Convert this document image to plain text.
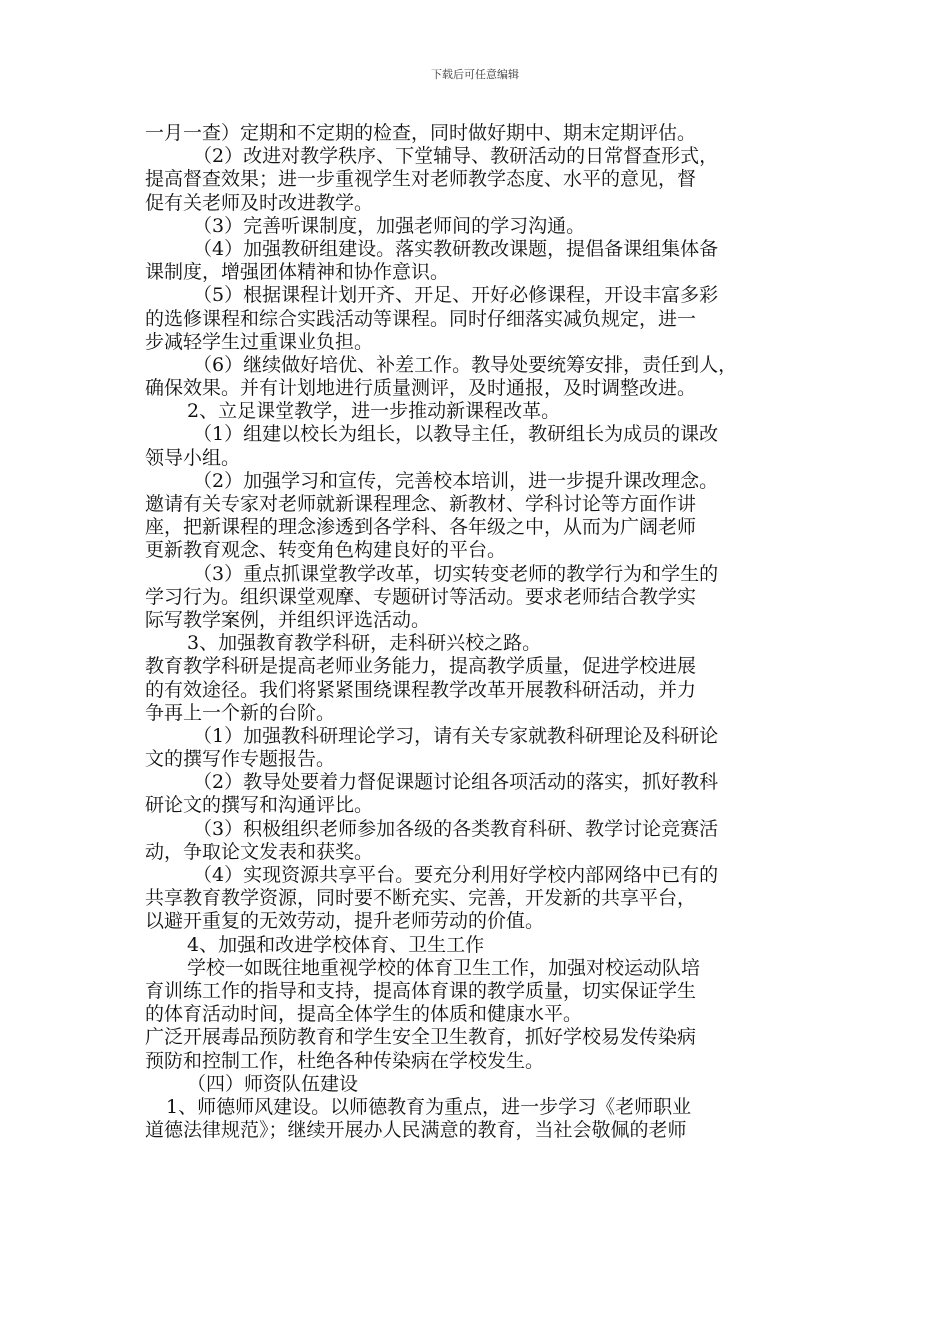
下载后可任意编辑
一月一查）定期和不定期的检查，同时做好期中、期末定期评估。
（2）改进对教学秩序、下堂辅导、教研活动的日常督查形式，
提高督查效果；进一步重视学生对老师教学态度、水平的意见，督
促有关老师及时改进教学。
（3）完善听课制度，加强老师间的学习沟通。
（4）加强教研组建设。落实教研教改课题，提倡备课组集体备
课制度，增强团体精神和协作意识。
（5）根据课程计划开齐、开足、开好必修课程，开设丰富多彩
的选修课程和综合实践活动等课程。同时仔细落实减负规定，进一
步减轻学生过重课业负担。
（6）继续做好培优、补差工作。教导处要统筹安排，责任到人，
确保效果。并有计划地进行质量测评，及时通报，及时调整改进。
2、立足课堂教学，进一步推动新课程改革。
（1）组建以校长为组长，以教导主任，教研组长为成员的课改
领导小组。
（2）加强学习和宣传，完善校本培训，进一步提升课改理念。
邀请有关专家对老师就新课程理念、新教材、学科讨论等方面作讲
座，把新课程的理念渗透到各学科、各年级之中，从而为广阔老师
更新教育观念、转变角色构建良好的平台。
（3）重点抓课堂教学改革，切实转变老师的教学行为和学生的
学习行为。组织课堂观摩、专题研讨等活动。要求老师结合教学实
际写教学案例，并组织评选活动。
3、加强教育教学科研，走科研兴校之路。
教育教学科研是提高老师业务能力，提高教学质量，促进学校进展
的有效途径。我们将紧紧围绕课程教学改革开展教科研活动，并力
争再上一个新的台阶。
（1）加强教科研理论学习，请有关专家就教科研理论及科研论
文的撰写作专题报告。
（2）教导处要着力督促课题讨论组各项活动的落实，抓好教科
研论文的撰写和沟通评比。
（3）积极组织老师参加各级的各类教育科研、教学讨论竞赛活
动，争取论文发表和获奖。
（4）实现资源共享平台。要充分利用好学校内部网络中已有的
共享教育教学资源，同时要不断充实、完善，开发新的共享平台，
以避开重复的无效劳动，提升老师劳动的价值。
4、加强和改进学校体育、卫生工作
学校一如既往地重视学校的体育卫生工作，加强对校运动队培
育训练工作的指导和支持，提高体育课的教学质量，切实保证学生
的体育活动时间，提高全体学生的体质和健康水平。
广泛开展毒品预防教育和学生安全卫生教育，抓好学校易发传染病
预防和控制工作，杜绝各种传染病在学校发生。
（四）师资队伍建设
1、师德师风建设。以师德教育为重点，进一步学习《老师职业
道德法律规范》；继续开展办人民满意的教育，当社会敬佩的老师
